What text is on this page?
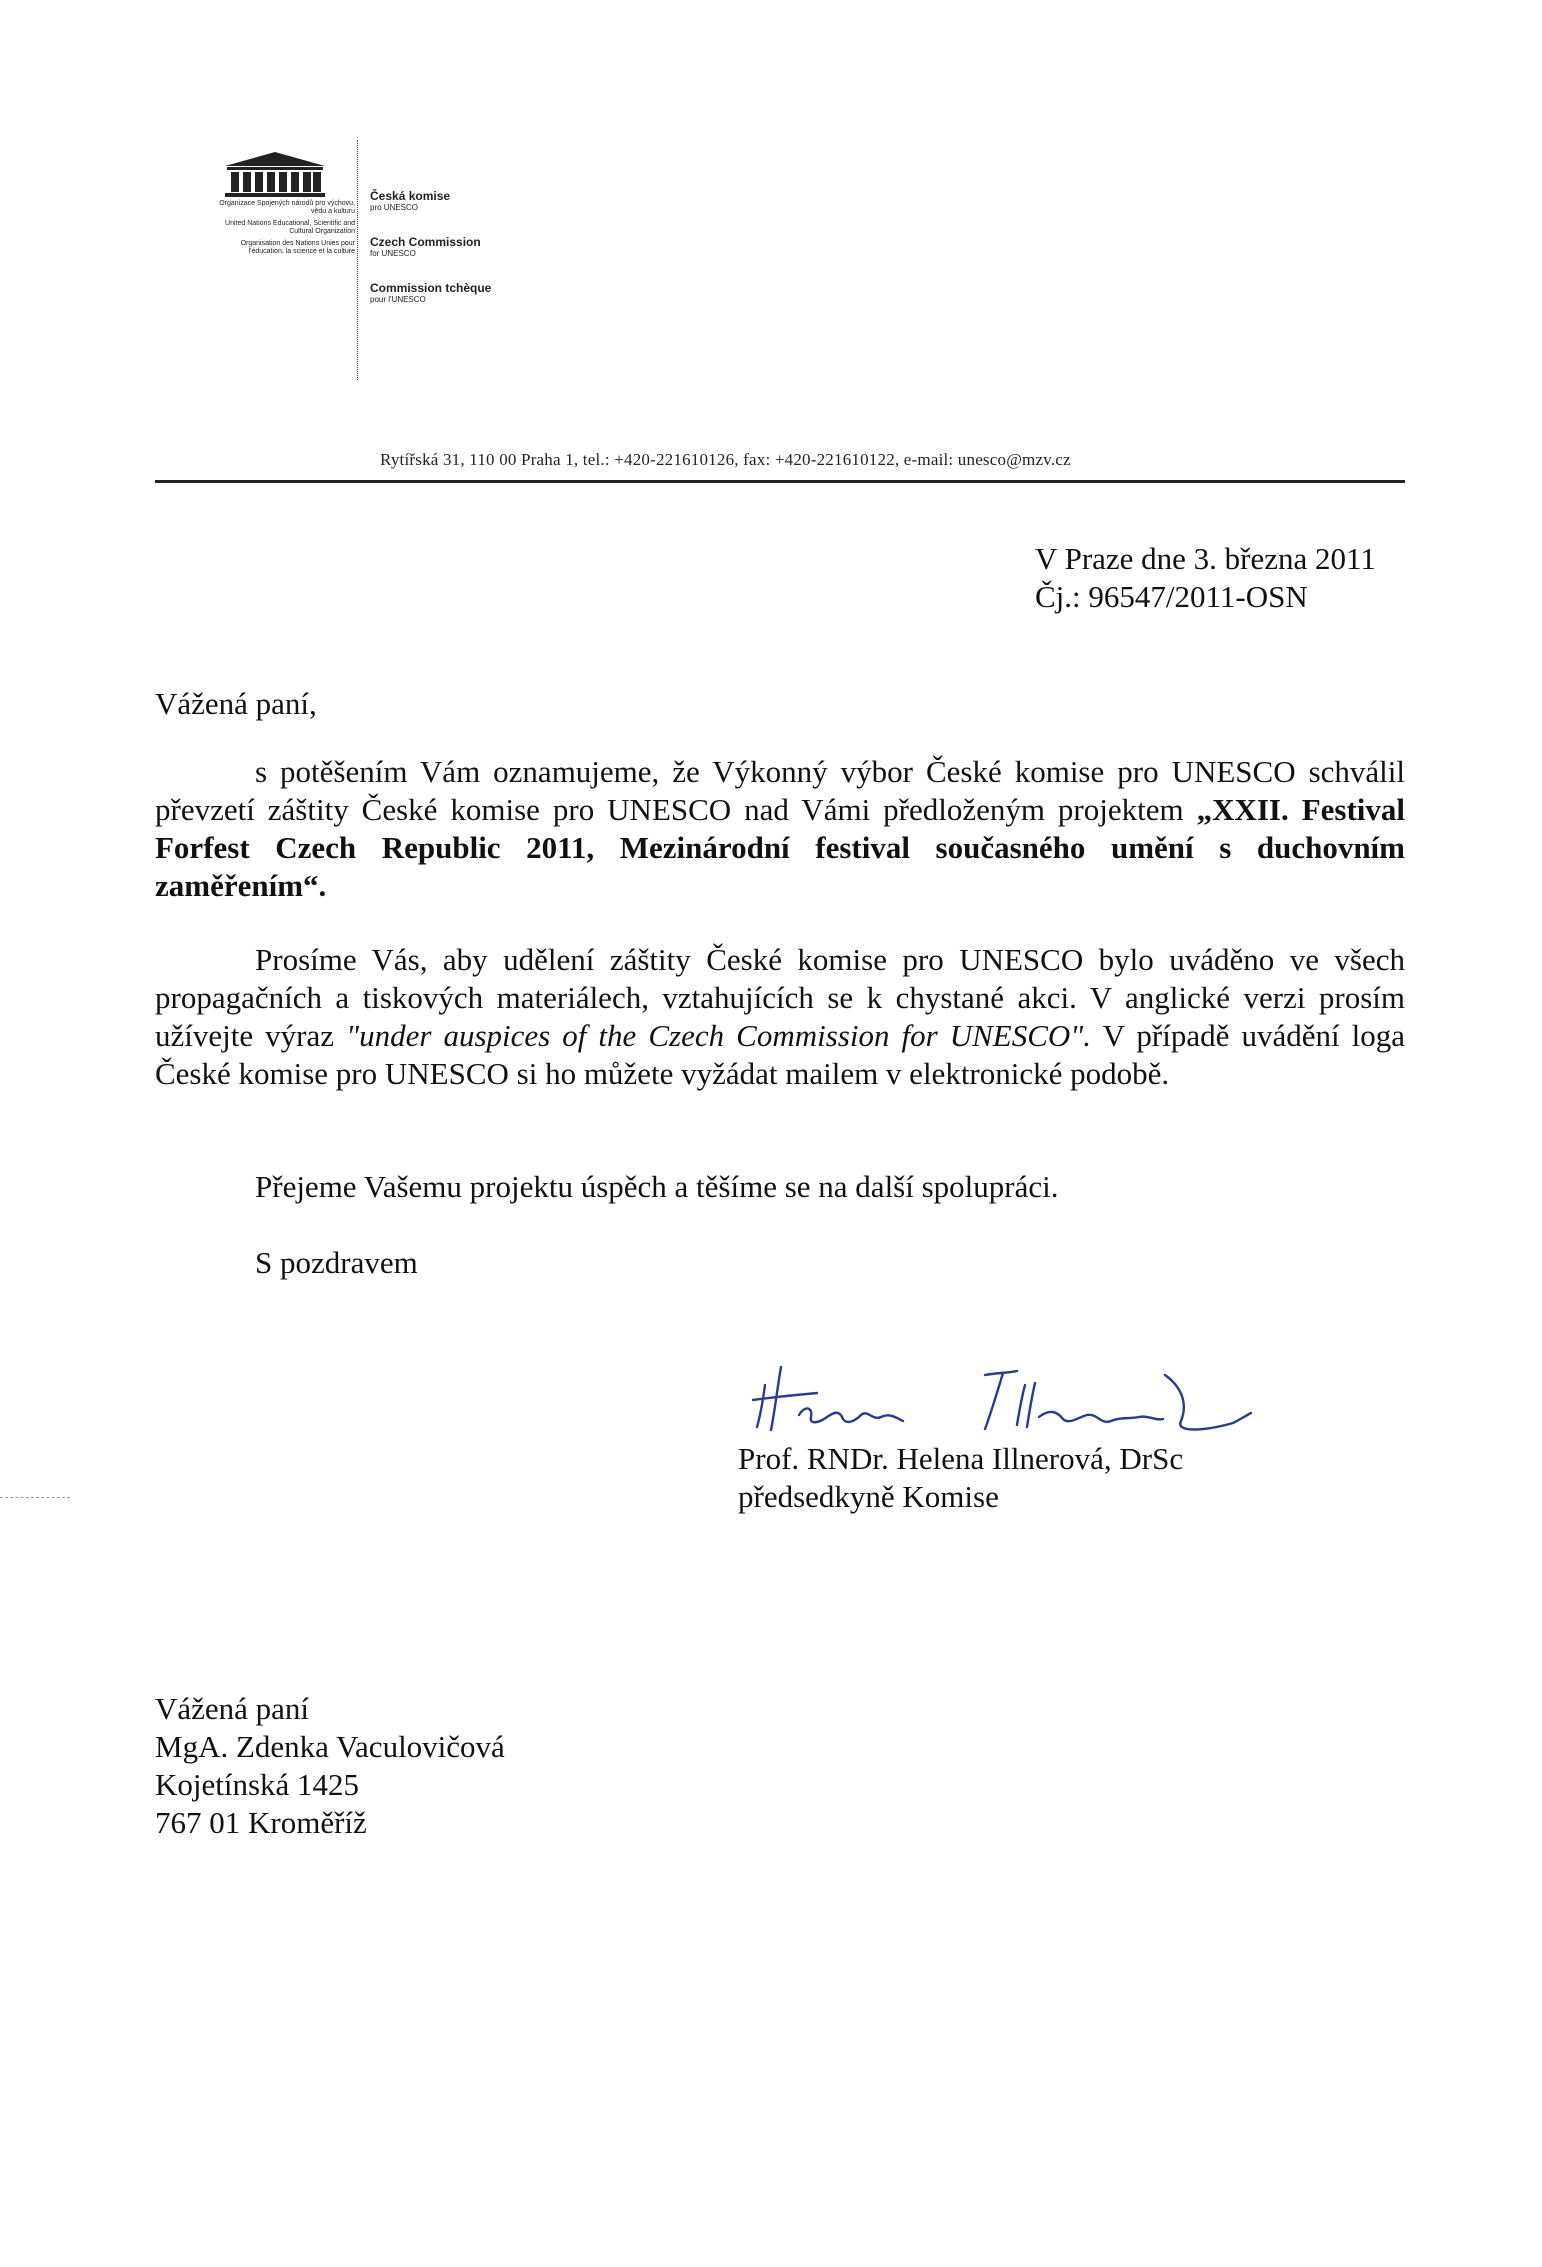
Organizace Spojených národů pro výchovu, vědu a kulturu
United Nations Educational, Scientific and Cultural Organization
Organisation des Nations Unies pour l'éducation, la science et la culture
Česká komise
pro UNESCO
Czech Commission
for UNESCO
Commission tchèque
pour l'UNESCO
Rytířská 31, 110 00 Praha 1, tel.: +420-221610126, fax: +420-221610122, e-mail: unesco@mzv.cz
V Praze dne 3. března 2011
Čj.: 96547/2011-OSN
Vážená paní,
s potěšením Vám oznamujeme, že Výkonný výbor České komise pro UNESCO schválil převzetí záštity České komise pro UNESCO nad Vámi předloženým projektem „XXII. Festival Forfest Czech Republic 2011, Mezinárodní festival současného umění s duchovním zaměřením“.
Prosíme Vás, aby udělení záštity České komise pro UNESCO bylo uváděno ve všech propagačních a tiskových materiálech, vztahujících se k chystané akci. V anglické verzi prosím užívejte výraz "under auspices of the Czech Commission for UNESCO". V případě uvádění loga České komise pro UNESCO si ho můžete vyžádat mailem v elektronické podobě.
Přejeme Vašemu projektu úspěch a těšíme se na další spolupráci.
S pozdravem
Prof. RNDr. Helena Illnerová, DrSc
předsedkyně Komise
Vážená paní
MgA. Zdenka Vaculovičová
Kojetínská 1425
767 01 Kroměříž
